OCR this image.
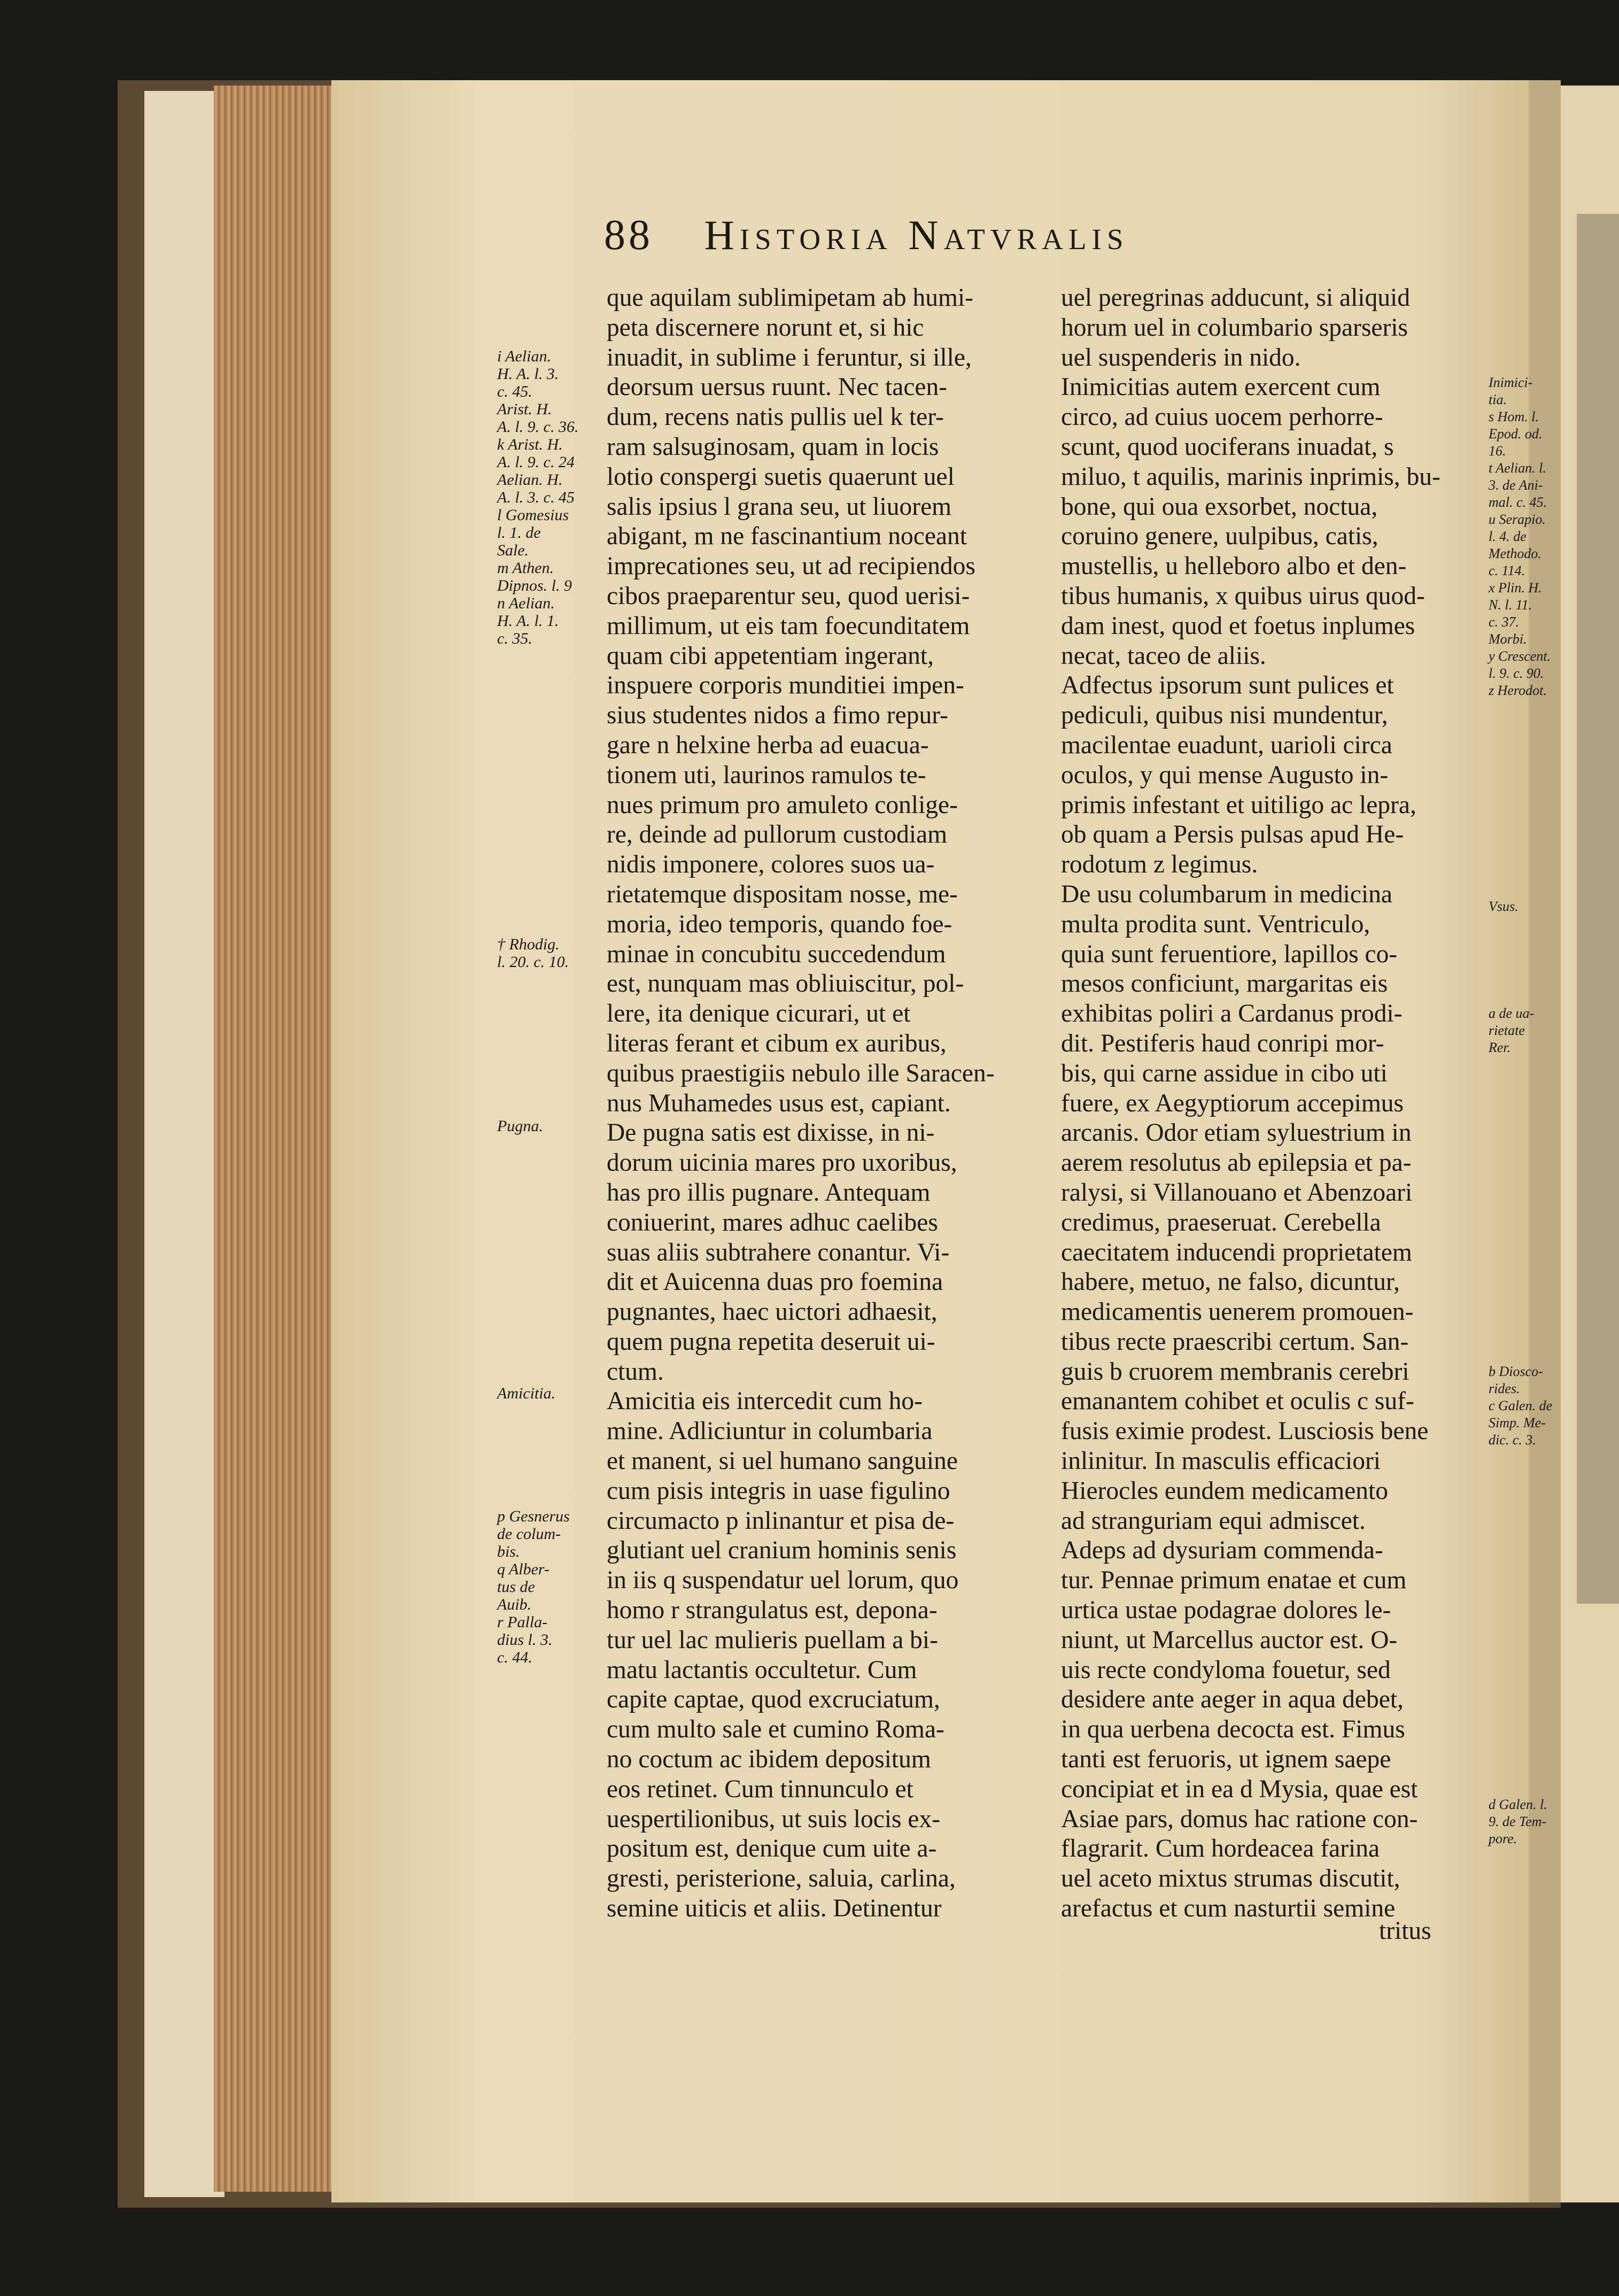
88 Historia Natvralis

que aquilam sublimipetam ab humi-
peta discernere norunt et, si hic
inuadit, in sublime i feruntur, si ille,
deorsum uersus ruunt. Nec tacen-
dum, recens natis pullis uel k ter-
ram salsuginosam, quam in locis
lotio conspergi suetis quaerunt uel
salis ipsius l grana seu, ut liuorem
abigant, m ne fascinantium noceant
imprecationes seu, ut ad recipiendos
cibos praeparentur seu, quod uerisi-
millimum, ut eis tam foecunditatem
quam cibi appetentiam ingerant,
inspuere corporis munditiei impen-
sius studentes nidos a fimo repur-
gare n helxine herba ad euacua-
tionem uti, laurinos ramulos te-
nues primum pro amuleto conlige-
re, deinde ad pullorum custodiam
nidis imponere, colores suos ua-
rietatemque dispositam nosse, me-
moria, ideo temporis, quando foe-
minae in concubitu succedendum
est, nunquam mas obliuiscitur, pol-
lere, ita denique cicurari, ut et
literas ferant et cibum ex auribus,
quibus praestigiis nebulo ille Saracen-
nus Muhamedes usus est, capiant.

De pugna satis est dixisse, in ni-
dorum uicinia mares pro uxoribus,
has pro illis pugnare. Antequam
coniuerint, mares adhuc caelibes
suas aliis subtrahere conantur. Vi-
dit et Auicenna duas pro foemina
pugnantes, haec uictori adhaesit,
quem pugna repetita deseruit ui-
ctum.

Amicitia eis intercedit cum ho-
mine. Adliciuntur in columbaria
et manent, si uel humano sanguine
cum pisis integris in uase figulino
circumacto p inlinantur et pisa de-
glutiant uel cranium hominis senis
in iis q suspendatur uel lorum, quo
homo r strangulatus est, depona-
tur uel lac mulieris puellam a bi-
matu lactantis occultetur. Cum
capite captae, quod excruciatum,
cum multo sale et cumino Roma-
no coctum ac ibidem depositum
eos retinet. Cum tinnunculo et
uespertilionibus, ut suis locis ex-
positum est, denique cum uite a-
gresti, peristerione, saluia, carlina,
semine uiticis et aliis. Detinentur

uel peregrinas adducunt, si aliquid
horum uel in columbario sparseris
uel suspenderis in nido.

Inimicitias autem exercent cum
circo, ad cuius uocem perhorre-
scunt, quod uociferans inuadat, s
miluo, t aquilis, marinis inprimis, bu-
bone, qui oua exsorbet, noctua,
coruino genere, uulpibus, catis,
mustellis, u helleboro albo et den-
tibus humanis, x quibus uirus quod-
dam inest, quod et foetus inplumes
necat, taceo de aliis.

Adfectus ipsorum sunt pulices et
pediculi, quibus nisi mundentur,
macilentae euadunt, uarioli circa
oculos, y qui mense Augusto in-
primis infestant et uitiligo ac lepra,
ob quam a Persis pulsas apud He-
rodotum z legimus.

De usu columbarum in medicina
multa prodita sunt. Ventriculo,
quia sunt feruentiore, lapillos co-
mesos conficiunt, margaritas eis
exhibitas poliri a Cardanus prodi-
dit. Pestiferis haud conripi mor-
bis, qui carne assidue in cibo uti
fuere, ex Aegyptiorum accepimus
arcanis. Odor etiam syluestrium in
aerem resolutus ab epilepsia et pa-
ralysi, si Villanouano et Abenzoari
credimus, praeseruat. Cerebella
caecitatem inducendi proprietatem
habere, metuo, ne falso, dicuntur,
medicamentis uenerem promouen-
tibus recte praescribi certum. San-
guis b cruorem membranis cerebri
emanantem cohibet et oculis c suf-
fusis eximie prodest. Lusciosis bene
inlinitur. In masculis efficaciori
Hierocles eundem medicamento
ad stranguriam equi admiscet.
Adeps ad dysuriam commenda-
tur. Pennae primum enatae et cum
urtica ustae podagrae dolores le-
niunt, ut Marcellus auctor est. O-
uis recte condyloma fouetur, sed
desidere ante aeger in aqua debet,
in qua uerbena decocta est. Fimus
tanti est feruoris, ut ignem saepe
concipiat et in ea d Mysia, quae est
Asiae pars, domus hac ratione con-
flagrarit. Cum hordeacea farina
uel aceto mixtus strumas discutit,
arefactus et cum nasturtii semine

tritus

i Aelian.
H. A. l. 3.
c. 45.
Arist. H.
A. l. 9. c. 36.
k Arist. H.
A. l. 9. c. 24
Aelian. H.
A. l. 3. c. 45
l Gomesius
l. 1. de
Sale.
m Athen.
Dipnos. l. 9
n Aelian.
H. A. l. 1.
c. 35.

† Rhodig.
l. 20. c. 10.

Pugna.

Amicitia.

p Gesnerus
de colum-
bis.
q Alber-
tus de
Auib.
r Palla-
dius l. 3.
c. 44.

Inimici-
tia.
s Hom. l.
Epod. od.
16.
t Aelian. l.
3. de Ani-
mal. c. 45.
u Serapio.
l. 4. de
Methodo.
c. 114.
x Plin. H.
N. l. 11.
c. 37.
Morbi.
y Crescent.
l. 9. c. 90.
z Herodot.

Vsus.

a de ua-
rietate
Rer.

b Diosco-
rides.
c Galen. de
Simp. Me-
dic. c. 3.

d Galen. l.
9. de Tem-
pore.
